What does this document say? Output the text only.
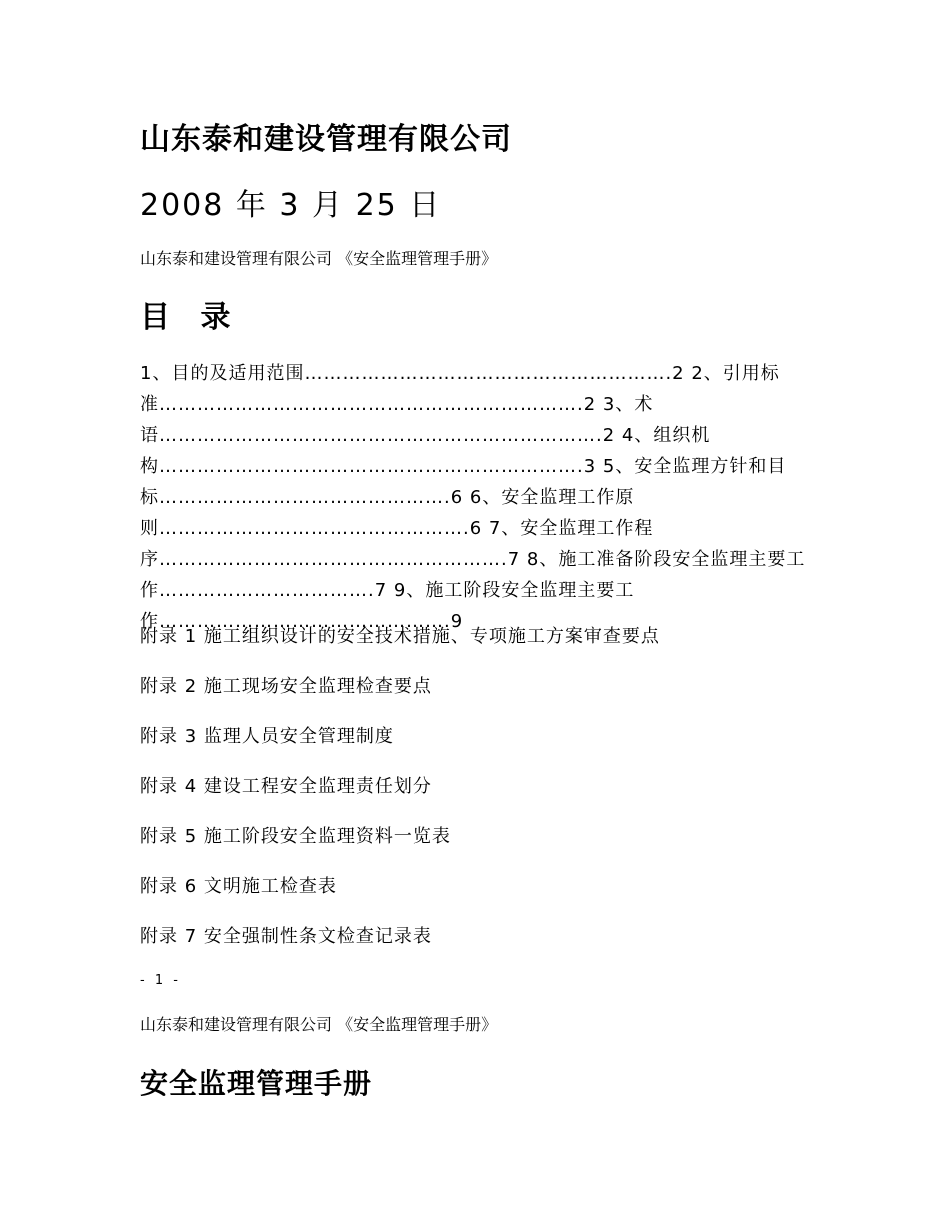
山东泰和建设管理有限公司
2008 年 3 月 25 日
山东泰和建设管理有限公司 《安全监理管理手册》
目 录

1、目的及适用范围………………………………………………….2 2、引用标准………………………………………………………….2 3、术语…………………………………………………………….2 4、组织机构………………………………………………………….3 5、安全监理方针和目标……………………………………….6 6、安全监理工作原则………………………………………….6 7、安全监理工作程序……………………………………………….7 8、施工准备阶段安全监理主要工作…………………………….7 9、施工阶段安全监理主要工作……………………………………….9

附录 1 施工组织设计的安全技术措施、专项施工方案审查要点
附录 2 施工现场安全监理检查要点
附录 3 监理人员安全管理制度
附录 4 建设工程安全监理责任划分
附录 5 施工阶段安全监理资料一览表
附录 6 文明施工检查表
附录 7 安全强制性条文检查记录表
- 1 -
山东泰和建设管理有限公司 《安全监理管理手册》
安全监理管理手册
